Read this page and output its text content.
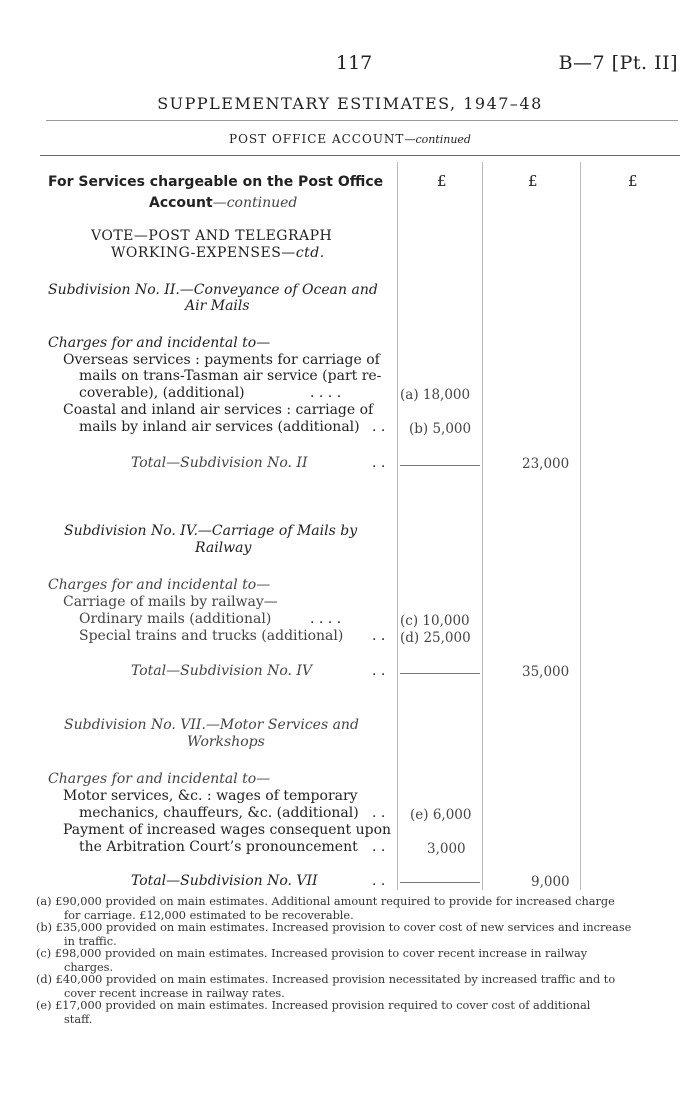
117	B—7 [Pt. II]
SUPPLEMENTARY ESTIMATES, 1947–48
POST OFFICE ACCOUNT—continued
£	£	£
For Services chargeable on the Post Office
Account—continued
VOTE—POST AND TELEGRAPH
WORKING-EXPENSES—ctd.
Subdivision No. II.—Conveyance of Ocean and
Air Mails
Charges for and incidental to—
Overseas services : payments for carriage of
mails on trans-Tasman air service (part re-
coverable), (additional)	. . . .	(a) 18,000
Coastal and inland air services : carriage of
mails by inland air services (additional) . . (b) 5,000
Total—Subdivision No. II	. .	23,000
Subdivision No. IV.—Carriage of Mails by
Railway
Charges for and incidental to—
Carriage of mails by railway—
Ordinary mails (additional)	. . . .	(c) 10,000
Special trains and trucks (additional) . . (d) 25,000
Total—Subdivision No. IV	. .	35,000
Subdivision No. VII.—Motor Services and
Workshops
Charges for and incidental to—
Motor services, &c. : wages of temporary
mechanics, chauffeurs, &c. (additional) . . (e) 6,000
Payment of increased wages consequent upon
the Arbitration Court’s pronouncement . .	3,000
Total—Subdivision No. VII	. .	9,000
(a) £90,000 provided on main estimates. Additional amount required to provide for increased charge
for carriage. £12,000 estimated to be recoverable.
(b) £35,000 provided on main estimates. Increased provision to cover cost of new services and increase
in traffic.
(c) £98,000 provided on main estimates. Increased provision to cover recent increase in railway
charges.
(d) £40,000 provided on main estimates. Increased provision necessitated by increased traffic and to
cover recent increase in railway rates.
(e) £17,000 provided on main estimates. Increased provision required to cover cost of additional
staff.
